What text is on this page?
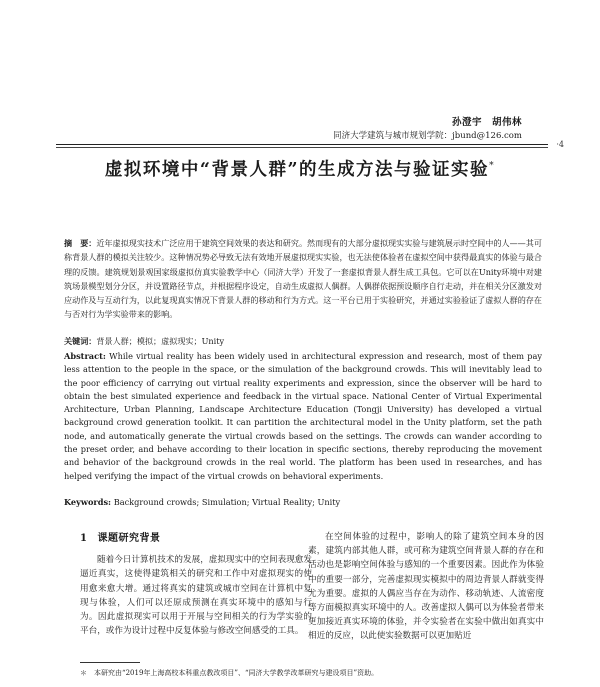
孙澄宇　胡伟林
同济大学建筑与城市规划学院：jbund@126.com
·4
虚拟环境中“背景人群”的生成方法与验证实验*
摘　要：近年虚拟现实技术广泛应用于建筑空间效果的表达和研究。然而现有的大部分虚拟现实实验与建筑展示时空间中的人——其可称背景人群的模拟关注较少。这种情况势必导致无法有效地开展虚拟现实实验，也无法使体验者在虚拟空间中获得最真实的体验与最合理的反馈。建筑规划景观国家级虚拟仿真实验教学中心（同济大学）开发了一套虚拟背景人群生成工具包。它可以在Unity环境中对建筑场景模型划分分区，并设置路径节点，并根据程序设定，自动生成虚拟人偶群。人偶群依据预设顺序自行走动，并在相关分区激发对应动作及与互动行为，以此复现真实情况下背景人群的移动和行为方式。这一平台已用于实验研究，并通过实验验证了虚拟人群的存在与否对行为学实验带来的影响。
关键词：背景人群；模拟；虚拟现实；Unity
Abstract: While virtual reality has been widely used in architectural expression and research, most of them pay less attention to the people in the space, or the simulation of the background crowds. This will inevitably lead to the poor efficiency of carrying out virtual reality experiments and expression, since the observer will be hard to obtain the best simulated experience and feedback in the virtual space. National Center of Virtual Experimental Architecture, Urban Planning, Landscape Architecture Education (Tongji University) has developed a virtual background crowd generation toolkit. It can partition the architectural model in the Unity platform, set the path node, and automatically generate the virtual crowds based on the settings. The crowds can wander according to the preset order, and behave according to their location in specific sections, thereby reproducing the movement and behavior of the background crowds in the real world. The platform has been used in researches, and has helped verifying the impact of the virtual crowds on behavioral experiments.
Keywords: Background crowds; Simulation; Virtual Reality; Unity
1 课题研究背景
随着今日计算机技术的发展，虚拟现实中的空间表现愈发逼近真实，这使得建筑相关的研究和工作中对虚拟现实的使用愈来愈大增。通过将真实的建筑或城市空间在计算机中复现与体验，人们可以还原成预测在真实环境中的感知与行为。因此虚拟现实可以用于开展与空间相关的行为学实验的平台，或作为设计过程中反复体验与修改空间感受的工具。
在空间体验的过程中，影响人的除了建筑空间本身的因素，建筑内部其他人群，或可称为建筑空间背景人群的存在和活动也是影响空间体验与感知的一个重要因素。因此作为体验中的重要一部分，完善虚拟现实模拟中的周边背景人群就变得尤为重要。虚拟的人偶应当存在为动作、移动轨迹、人流密度等方面模拟真实环境中的人。改善虚拟人偶可以为体验者带来更加接近真实环境的体验，并令实验者在实验中做出如真实中相近的反应，以此使实验数据可以更加贴近
＊　本研究由“2019年上海高校本科重点教改项目”、“同济大学教学改革研究与建设项目”资助。
